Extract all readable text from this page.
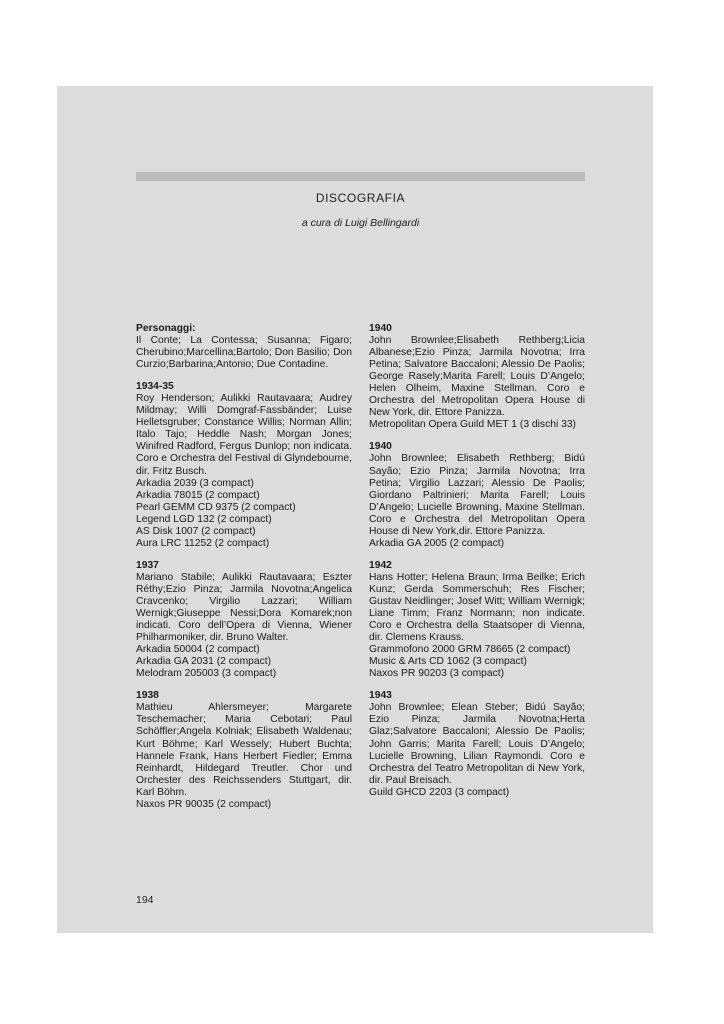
DISCOGRAFIA
a cura di Luigi Bellingardi
Personaggi:
Il Conte; La Contessa; Susanna; Figaro; Cherubino;Marcellina;Bartolo; Don Basilio; Don Curzio;Barbarina;Antonio; Due Contadine.
1934-35
Roy Henderson; Aulikki Rautavaara; Audrey Mildmay; Willi Domgraf-Fassbänder; Luise Helletsgruber; Constance Willis; Norman Allin; Italo Tajo; Heddle Nash; Morgan Jones; Winifred Radford, Fergus Dunlop; non indicata. Coro e Orchestra del Festival di Glyndebourne, dir. Fritz Busch.
Arkadia 2039 (3 compact)
Arkadia 78015 (2 compact)
Pearl GEMM CD 9375 (2 compact)
Legend LGD 132 (2 compact)
AS Disk 1007 (2 compact)
Aura LRC 11252 (2 compact)
1937
Mariano Stabile; Aulikki Rautavaara; Eszter Réthy;Ezio Pinza; Jarmila Novotna;Angelica Cravcenko; Virgilio Lazzari; William Wernigk;Giuseppe Nessi;Dora Komarek;non indicati. Coro dell’Opera di Vienna, Wiener Philharmoniker, dir. Bruno Walter.
Arkadia 50004 (2 compact)
Arkadia GA 2031 (2 compact)
Melodram 205003 (3 compact)
1938
Mathieu Ahlersmeyer; Margarete Teschemacher; Maria Cebotari; Paul Schöffler;Angela Kolniak; Elisabeth Waldenau; Kurt Böhme; Karl Wessely; Hubert Buchta; Hannele Frank, Hans Herbert Fiedler; Emma Reinhardt, Hildegard Treutler. Chor und Orchester des Reichssenders Stuttgart, dir. Karl Böhm.
Naxos PR 90035 (2 compact)
1940
John Brownlee;Elisabeth Rethberg;Licia Albanese;Ezio Pinza; Jarmila Novotna; Irra Petina; Salvatore Baccaloni; Alessio De Paolis; George Rasely;Marita Farell; Louis D’Angelo; Helen Olheim, Maxine Stellman. Coro e Orchestra del Metropolitan Opera House di New York, dir. Ettore Panizza.
Metropolitan Opera Guild MET 1 (3 dischi 33)
1940
John Brownlee; Elisabeth Rethberg; Bidú Sayão; Ezio Pinza; Jarmila Novotna; Irra Petina; Virgilio Lazzari; Alessio De Paolis; Giordano Paltrinieri; Marita Farell; Louis D’Angelo; Lucielle Browning, Maxine Stellman. Coro e Orchestra del Metropolitan Opera House di New York,dir. Ettore Panizza.
Arkadia GA 2005 (2 compact)
1942
Hans Hotter; Helena Braun; Irma Beilke; Erich Kunz; Gerda Sommerschuh; Res Fischer; Gustav Neidlinger; Josef Witt; William Wernigk; Liane Timm; Franz Normann; non indicate. Coro e Orchestra della Staatsoper di Vienna, dir. Clemens Krauss.
Grammofono 2000 GRM 78665 (2 compact)
Music & Arts CD 1062 (3 compact)
Naxos PR 90203 (3 compact)
1943
John Brownlee; Elean Steber; Bidú Sayão; Ezio Pinza; Jarmila Novotna;Herta Glaz;Salvatore Baccaloni; Alessio De Paolis; John Garris; Marita Farell; Louis D’Angelo; Lucielle Browning, Lilian Raymondi. Coro e Orchestra del Teatro Metropolitan di New York, dir. Paul Breisach.
Guild GHCD 2203 (3 compact)
194
